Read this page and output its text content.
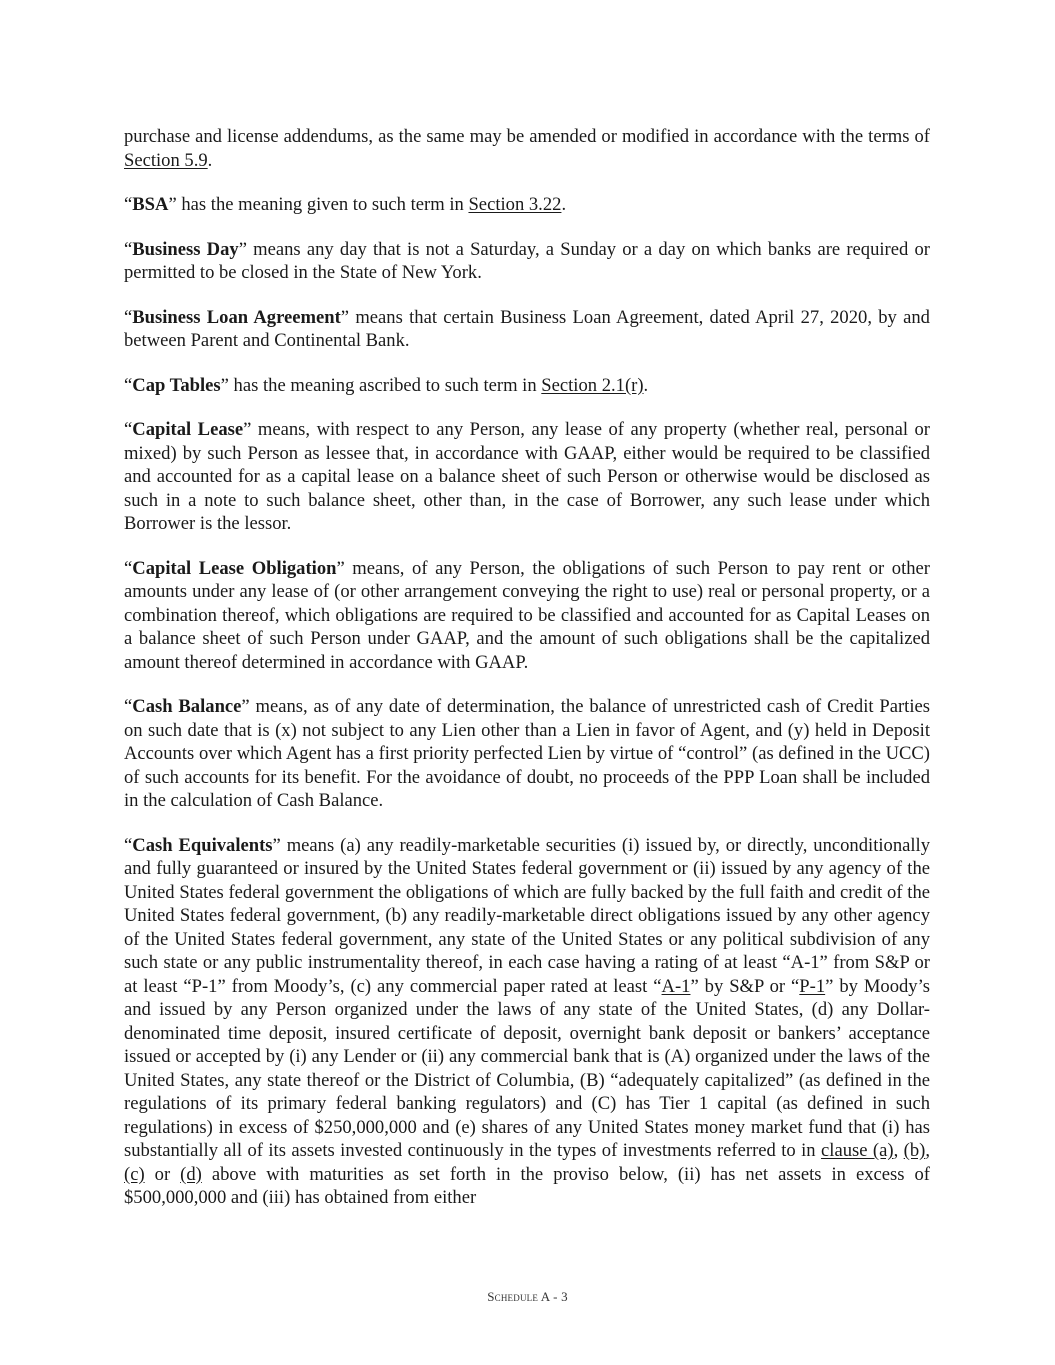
purchase and license addendums, as the same may be amended or modified in accordance with the terms of Section 5.9.

“BSA” has the meaning given to such term in Section 3.22.

“Business Day” means any day that is not a Saturday, a Sunday or a day on which banks are required or permitted to be closed in the State of New York.

“Business Loan Agreement” means that certain Business Loan Agreement, dated April 27, 2020, by and between Parent and Continental Bank.

“Cap Tables” has the meaning ascribed to such term in Section 2.1(r).

“Capital Lease” means, with respect to any Person, any lease of any property (whether real, personal or mixed) by such Person as lessee that, in accordance with GAAP, either would be required to be classified and accounted for as a capital lease on a balance sheet of such Person or otherwise would be disclosed as such in a note to such balance sheet, other than, in the case of Borrower, any such lease under which Borrower is the lessor.

“Capital Lease Obligation” means, of any Person, the obligations of such Person to pay rent or other amounts under any lease of (or other arrangement conveying the right to use) real or personal property, or a combination thereof, which obligations are required to be classified and accounted for as Capital Leases on a balance sheet of such Person under GAAP, and the amount of such obligations shall be the capitalized amount thereof determined in accordance with GAAP.

“Cash Balance” means, as of any date of determination, the balance of unrestricted cash of Credit Parties on such date that is (x) not subject to any Lien other than a Lien in favor of Agent, and (y) held in Deposit Accounts over which Agent has a first priority perfected Lien by virtue of “control” (as defined in the UCC) of such accounts for its benefit. For the avoidance of doubt, no proceeds of the PPP Loan shall be included in the calculation of Cash Balance.

“Cash Equivalents” means (a) any readily-marketable securities (i) issued by, or directly, unconditionally and fully guaranteed or insured by the United States federal government or (ii) issued by any agency of the United States federal government the obligations of which are fully backed by the full faith and credit of the United States federal government, (b) any readily-marketable direct obligations issued by any other agency of the United States federal government, any state of the United States or any political subdivision of any such state or any public instrumentality thereof, in each case having a rating of at least “A-1” from S&P or at least “P-1” from Moody’s, (c) any commercial paper rated at least “A-1” by S&P or “P-1” by Moody’s and issued by any Person organized under the laws of any state of the United States, (d) any Dollar-denominated time deposit, insured certificate of deposit, overnight bank deposit or bankers’ acceptance issued or accepted by (i) any Lender or (ii) any commercial bank that is (A) organized under the laws of the United States, any state thereof or the District of Columbia, (B) “adequately capitalized” (as defined in the regulations of its primary federal banking regulators) and (C) has Tier 1 capital (as defined in such regulations) in excess of $250,000,000 and (e) shares of any United States money market fund that (i) has substantially all of its assets invested continuously in the types of investments referred to in clause (a), (b), (c) or (d) above with maturities as set forth in the proviso below, (ii) has net assets in excess of $500,000,000 and (iii) has obtained from either

Schedule A - 3
